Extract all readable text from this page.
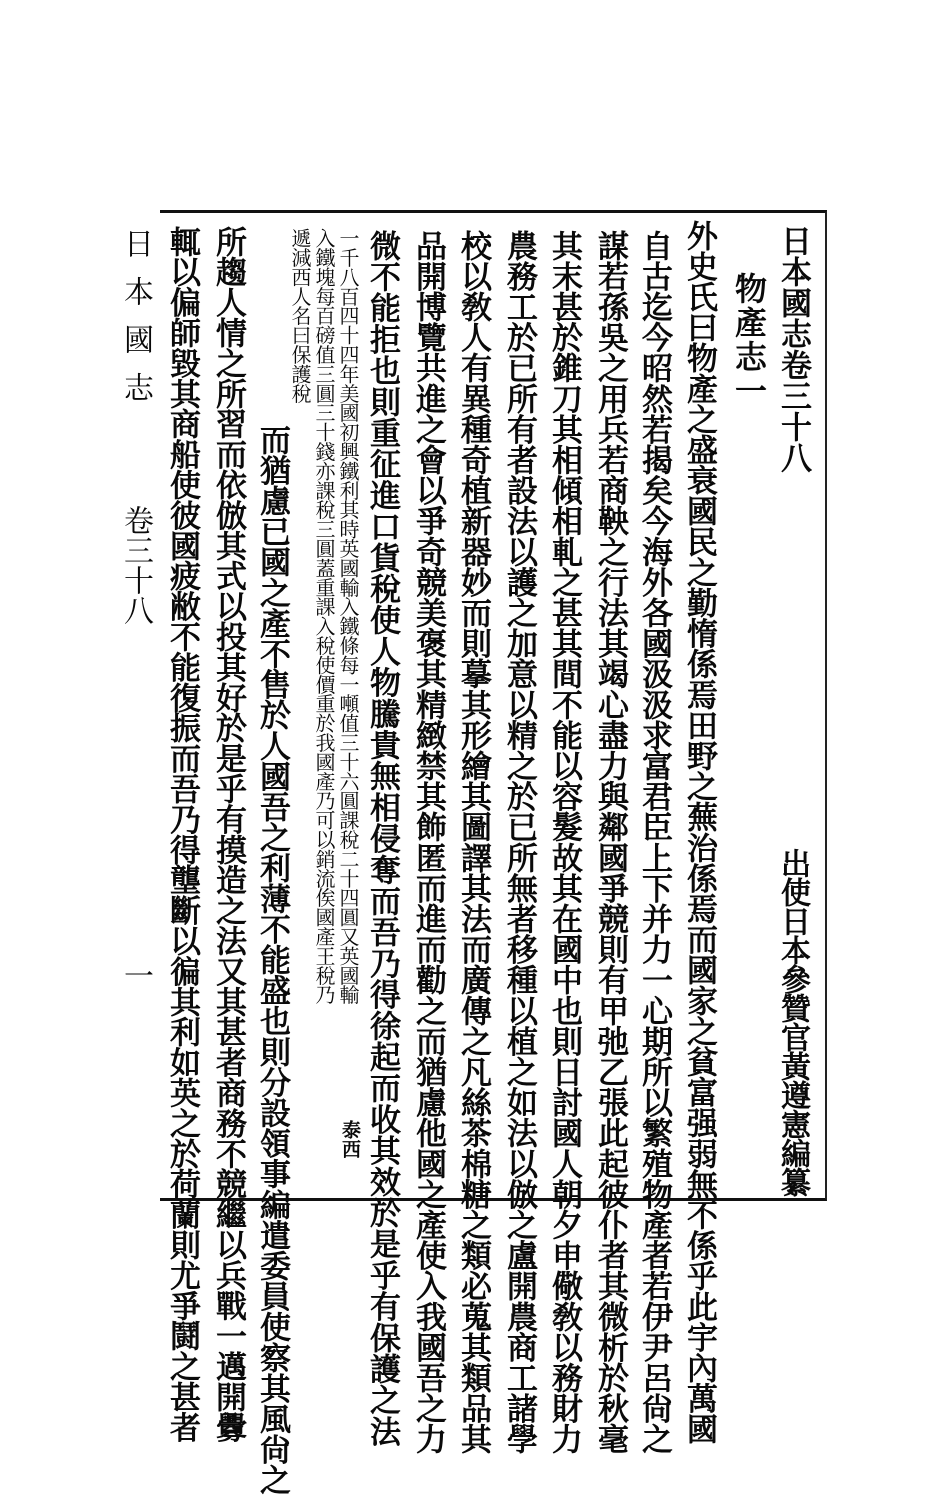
日本國志卷三十八
出使日本參贊官黃遵憲編纂
物產志一
外史氏曰物產之盛衰國民之勤惰係焉田野之蕪治係焉而國家之貧富强弱無不係乎此宇內萬國
自古迄今昭然若揭矣今海外各國汲汲求富君臣上下并力一心期所以繁殖物產者若伊尹呂尙之
謀若孫吳之用兵若商鞅之行法其竭心盡力與鄰國爭競則有甲弛乙張此起彼仆者其微析於秋毫
其末甚於錐刀其相傾相軋之甚其間不能以容髮故其在國中也則日討國人朝夕申儆敎以務財力
農務工於已所有者設法以護之加意以精之於已所無者移種以植之如法以倣之盧開農商工諸學
校以敎人有異種奇植新器妙而則摹其形繪其圖譯其法而廣傳之凡絲茶棉糖之類必蒐其類品其
品開博覽共進之會以爭奇競美褒其精緻禁其飾匿而進而勸之而猶慮他國之產使入我國吾之力
微不能拒也則重征進口貨稅使人物騰貴無相侵奪而吾乃得徐起而收其效於是乎有保護之法
泰西
一千八百四十四年美國初興鐵利其時英國輸入鐵條每一噸值三十六圓課稅二十四圓又英國輸
入鐵塊每百磅值三圓三十錢亦課稅三圓蓋重課入稅使價重於我國產乃可以銷流俟國產王稅乃
遞減西人名曰保護稅
而猶慮已國之產不售於人國吾之利薄不能盛也則分設領事編遣委員使察其風尙之
所趨人情之所習而依倣其式以投其好於是乎有摸造之法又其甚者商務不競繼以兵戰一邁開釁
輒以偏師毀其商船使彼國疲敝不能復振而吾乃得壟斷以徧其利如英之於荷蘭則尤爭鬪之甚者
日本國志
卷三十八
一
